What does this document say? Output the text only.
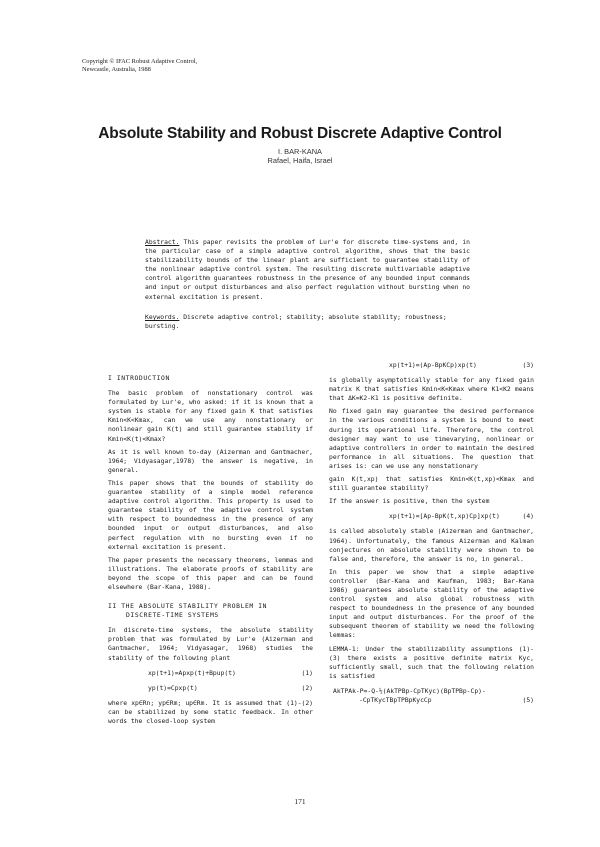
Copyright © IFAC Robust Adaptive Control,
Newcastle, Australia, 1988
Absolute Stability and Robust Discrete Adaptive Control
I. BAR-KANA
Rafael, Haifa, Israel
Abstract. This paper revisits the problem of Lur'e for discrete time-systems and, in the particular case of a simple adaptive control algorithm, shows that the basic stabilizability bounds of the linear plant are sufficient to guarantee stability of the nonlinear adaptive control system. The resulting discrete multivariable adaptive control algorithm guarantees robustness in the presence of any bounded input commands and input or output disturbances and also perfect regulation without bursting when no external excitation is present.
Keywords. Discrete adaptive control; stability; absolute stability; robustness; bursting.
I INTRODUCTION

The basic problem of nonstationary control was formulated by Lur'e, who asked: if it is known that a system is stable for any fixed gain K that satisfies Kmin<K<Kmax, can we use any nonstationary or nonlinear gain K(t) and still guarantee stability if Kmin<K(t)<Kmax?

As it is well known to-day (Aizerman and Gantmacher, 1964; Vidyasagar,1978) the answer is negative, in general.

This paper shows that the bounds of stability do guarantee stability of a simple model reference adaptive control algorithm. This property is used to guarantee stability of the adaptive control system with respect to boundedness in the presence of any bounded input or output disturbances, and also perfect regulation with no bursting even if no external excitation is present.

The paper presents the necessary theorems, lemmas and illustrations. The elaborate proofs of stability are beyond the scope of this paper and can be found elsewhere (Bar-Kana, 1988).

II THE ABSOLUTE STABILITY PROBLEM IN
DISCRETE-TIME SYSTEMS

In discrete-time systems, the absolute stability problem that was formulated by Lur'e (Aizerman and Gantmacher, 1964; Vidyasagar, 1968) studies the stability of the following plant

xp(t+1)=Apxp(t)+Bpup(t)	(1)
yp(t)=Cpxp(t)	(2)

where xp∈Rn; yp∈Rm; up∈Rm. It is assumed that (1)-(2) can be stabilized by some static feedback. In other words the closed-loop system

xp(t+1)=(Ap-BpKCp)xp(t)	(3)

is globally asymptotically stable for any fixed gain matrix K that satisfies Kmin<K<Kmax where K1<K2 means that ΔK=K2-K1 is positive definite.

No fixed gain may guarantee the desired performance in the various conditions a system is bound to meet during its operational life. Therefore, the control designer may want to use timevarying, nonlinear or adaptive controllers in order to maintain the desired performance in all situations. The question that arises is: can we use any nonstationary

gain K(t,xp) that satisfies Kmin<K(t,xp)<Kmax and still guarantee stability?

If the answer is positive, then the system

xp(t+1)=[Ap-BpK(t,xp)Cp]xp(t)	(4)

is called absolutely stable (Aizerman and Gantmacher, 1964). Unfortunately, the famous Aizerman and Kalman conjectures on absolute stability were shown to be false and, therefore, the answer is no, in general.

In this paper we show that a simple adaptive controller (Bar-Kana and Kaufman, 1983; Bar-Kana 1986) guarantees absolute stability of the adaptive control system and also global robustness with respect to boundedness in the presence of any bounded input and output disturbances. For the proof of the subsequent theorem of stability we need the following lemmas:

LEMMA-1: Under the stabilizability assumptions (1)-(3) there exists a positive definite matrix Kyc, sufficiently small, such that the following relation is satisfied

AkTPAk-P=-Q-½(AkTPBp-CpTKyc)(BpTPBp-Cp)-
-CpTKycTBpTPBpKycCp	(5)
171
